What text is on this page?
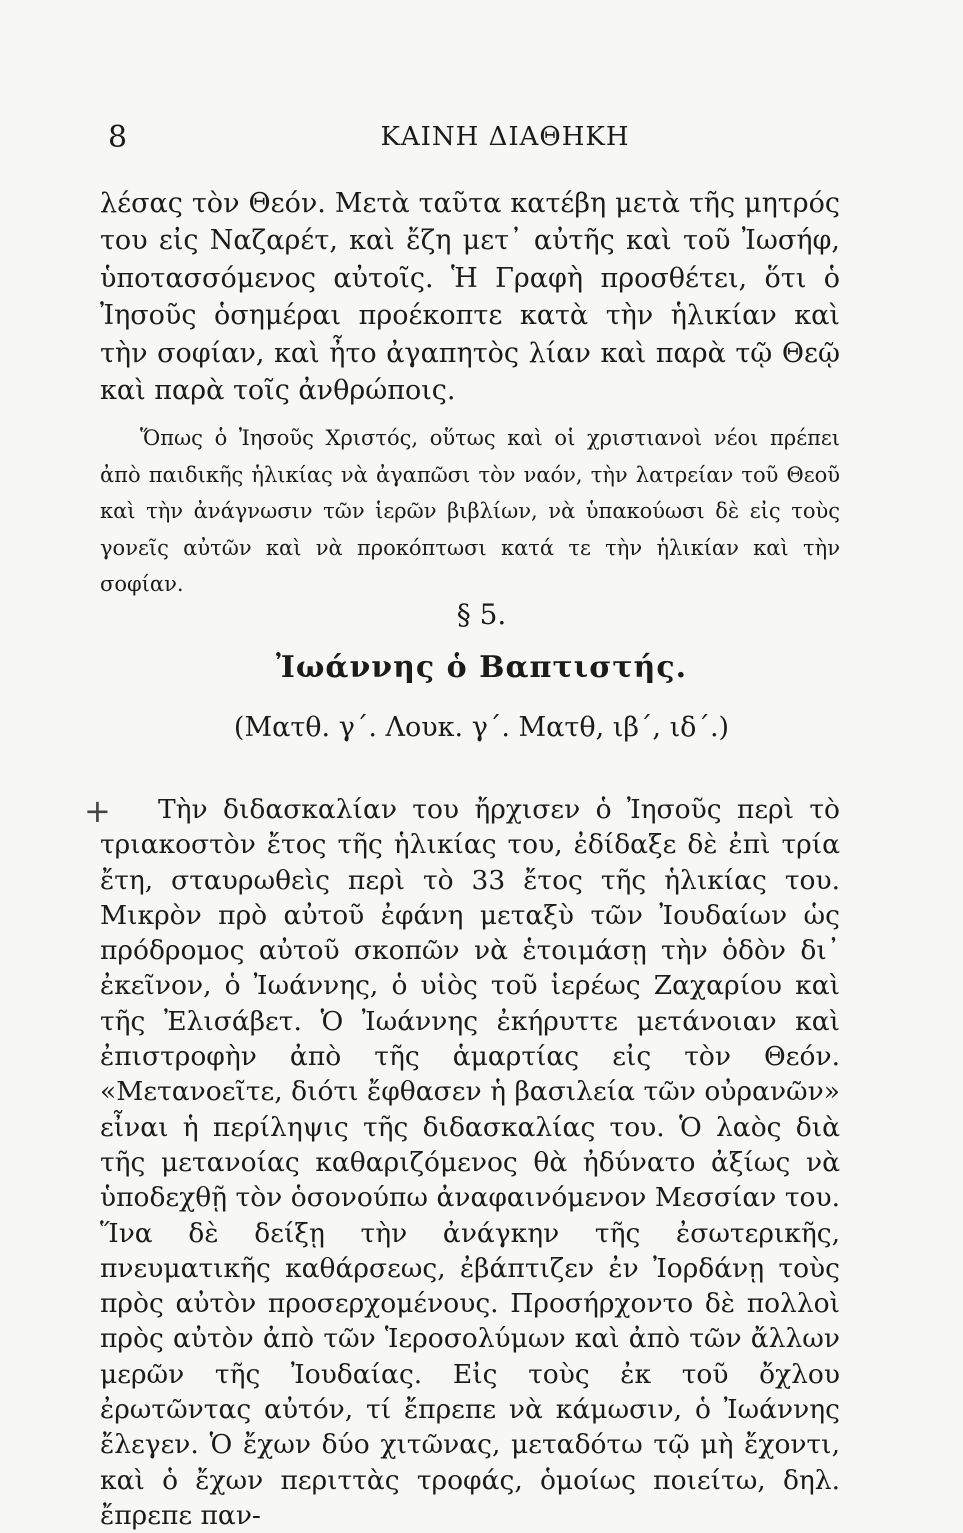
8	ΚΑΙΝΗ ΔΙΑΘΗΚΗ

λέσας τὸν Θεόν. Μετὰ ταῦτα κατέβη μετὰ τῆς μητρός του εἰς Ναζαρέτ, καὶ ἔζη μετ᾽ αὐτῆς καὶ τοῦ Ἰωσήφ, ὑποτασσόμενος αὐτοῖς. Ἡ Γραφὴ προσθέτει, ὅτι ὁ Ἰησοῦς ὁσημέραι προέκοπτε κατὰ τὴν ἡλικίαν καὶ τὴν σοφίαν, καὶ ἦτο ἀγαπητὸς λίαν καὶ παρὰ τῷ Θεῷ καὶ παρὰ τοῖς ἀνθρώποις.

Ὅπως ὁ Ἰησοῦς Χριστός, οὕτως καὶ οἱ χριστιανοὶ νέοι πρέπει ἀπὸ παιδικῆς ἡλικίας νὰ ἀγαπῶσι τὸν ναόν, τὴν λατρείαν τοῦ Θεοῦ καὶ τὴν ἀνάγνωσιν τῶν ἱερῶν βιβλίων, νὰ ὑπακούωσι δὲ εἰς τοὺς γονεῖς αὐτῶν καὶ νὰ προκόπτωσι κατά τε τὴν ἡλικίαν καὶ τὴν σοφίαν.

§ 5.
Ἰωάννης ὁ Βαπτιστής.
(Ματθ. γ΄. Λουκ. γ΄. Ματθ, ιβ΄, ιδ΄.)
+	Τὴν διδασκαλίαν του ἤρχισεν ὁ Ἰησοῦς περὶ τὸ τριακοστὸν ἔτος τῆς ἡλικίας του, ἐδίδαξε δὲ ἐπὶ τρία ἔτη, σταυρωθεὶς περὶ τὸ 33 ἔτος τῆς ἡλικίας του. Μικρὸν πρὸ αὐτοῦ ἐφάνη μεταξὺ τῶν Ἰουδαίων ὡς πρόδρομος αὐτοῦ σκοπῶν νὰ ἑτοιμάσῃ τὴν ὁδὸν δι᾽ ἐκεῖνον, ὁ Ἰωάννης, ὁ υἱὸς τοῦ ἱερέως Ζαχαρίου καὶ τῆς Ἐλισάβετ. Ὁ Ἰωάννης ἐκήρυττε μετάνοιαν καὶ ἐπιστροφὴν ἀπὸ τῆς ἁμαρτίας εἰς τὸν Θεόν. «Μετανοεῖτε, διότι ἔφθασεν ἡ βασιλεία τῶν οὐρανῶν» εἶναι ἡ περίληψις τῆς διδασκαλίας του. Ὁ λαὸς διὰ τῆς μετανοίας καθαριζόμενος θὰ ἠδύνατο ἀξίως νὰ ὑποδεχθῇ τὸν ὁσονούπω ἀναφαινόμενον Μεσσίαν του. Ἵνα δὲ δείξῃ τὴν ἀνάγκην τῆς ἐσωτερικῆς, πνευματικῆς καθάρσεως, ἐβάπτιζεν ἐν Ἰορδάνῃ τοὺς πρὸς αὐτὸν προσερχομένους. Προσήρχοντο δὲ πολλοὶ πρὸς αὐτὸν ἀπὸ τῶν Ἱεροσολύμων καὶ ἀπὸ τῶν ἄλλων μερῶν τῆς Ἰουδαίας. Εἰς τοὺς ἐκ τοῦ ὄχλου ἐρωτῶντας αὐτόν, τί ἔπρεπε νὰ κάμωσιν, ὁ Ἰωάννης ἔλεγεν. Ὁ ἔχων δύο χιτῶνας, μεταδότω τῷ μὴ ἔχοντι, καὶ ὁ ἔχων περιττὰς τροφάς, ὁμοίως ποιείτω, δηλ. ἔπρεπε παν-
